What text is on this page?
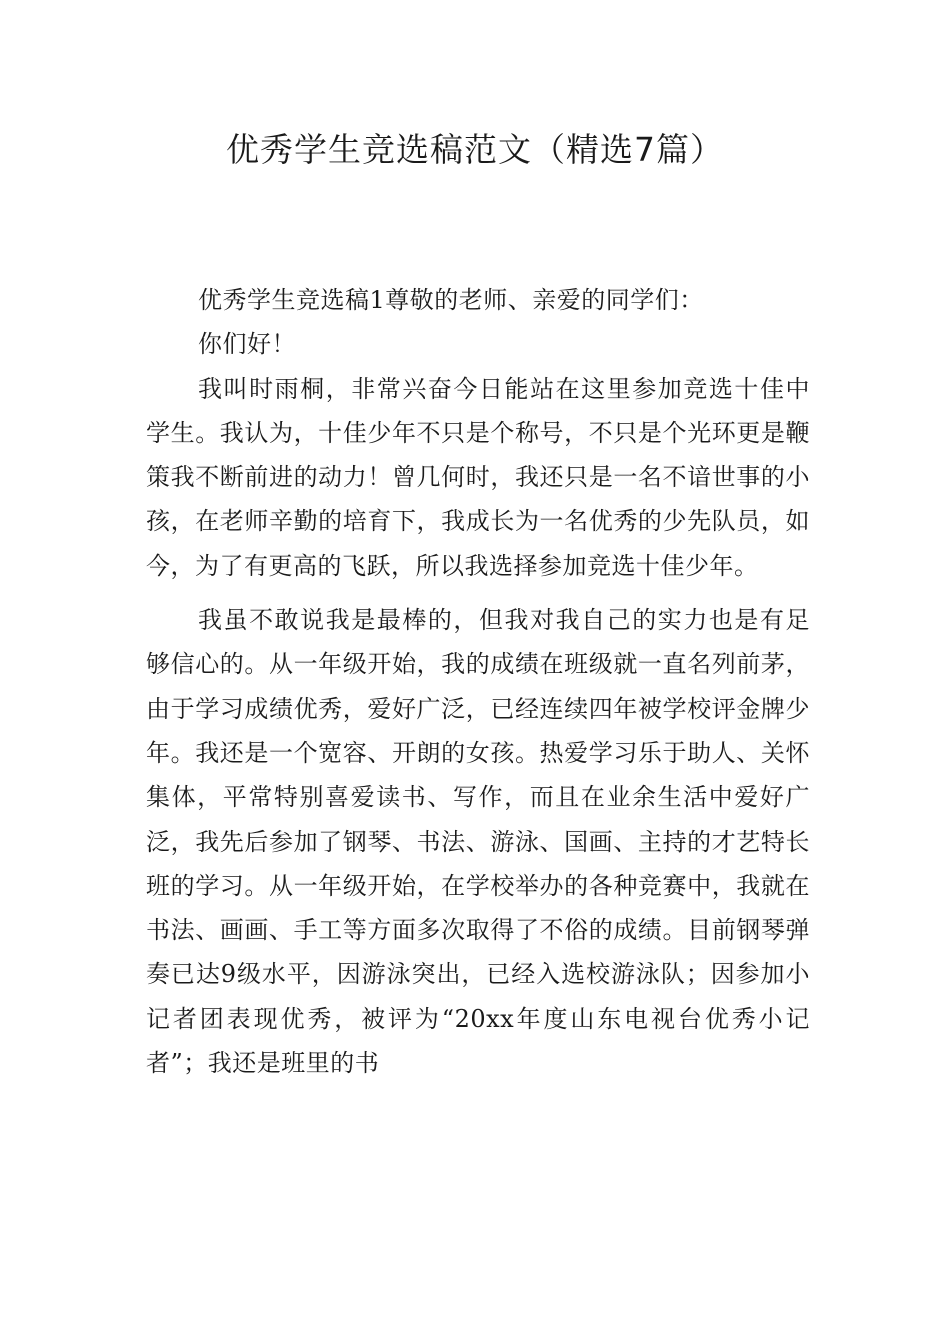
优秀学生竞选稿范文（精选7篇）

优秀学生竞选稿1尊敬的老师、亲爱的同学们：

你们好！

我叫时雨桐，非常兴奋今日能站在这里参加竞选十佳中学生。我认为，十佳少年不只是个称号，不只是个光环更是鞭策我不断前进的动力！曾几何时，我还只是一名不谙世事的小孩，在老师辛勤的培育下，我成长为一名优秀的少先队员，如今，为了有更高的飞跃，所以我选择参加竞选十佳少年。

我虽不敢说我是最棒的，但我对我自己的实力也是有足够信心的。从一年级开始，我的成绩在班级就一直名列前茅，由于学习成绩优秀，爱好广泛，已经连续四年被学校评金牌少年。我还是一个宽容、开朗的女孩。热爱学习乐于助人、关怀集体，平常特别喜爱读书、写作，而且在业余生活中爱好广泛，我先后参加了钢琴、书法、游泳、国画、主持的才艺特长班的学习。从一年级开始，在学校举办的各种竞赛中，我就在书法、画画、手工等方面多次取得了不俗的成绩。目前钢琴弹奏已达9级水平，因游泳突出，已经入选校游泳队；因参加小记者团表现优秀，被评为“20xx年度山东电视台优秀小记者”；我还是班里的书
